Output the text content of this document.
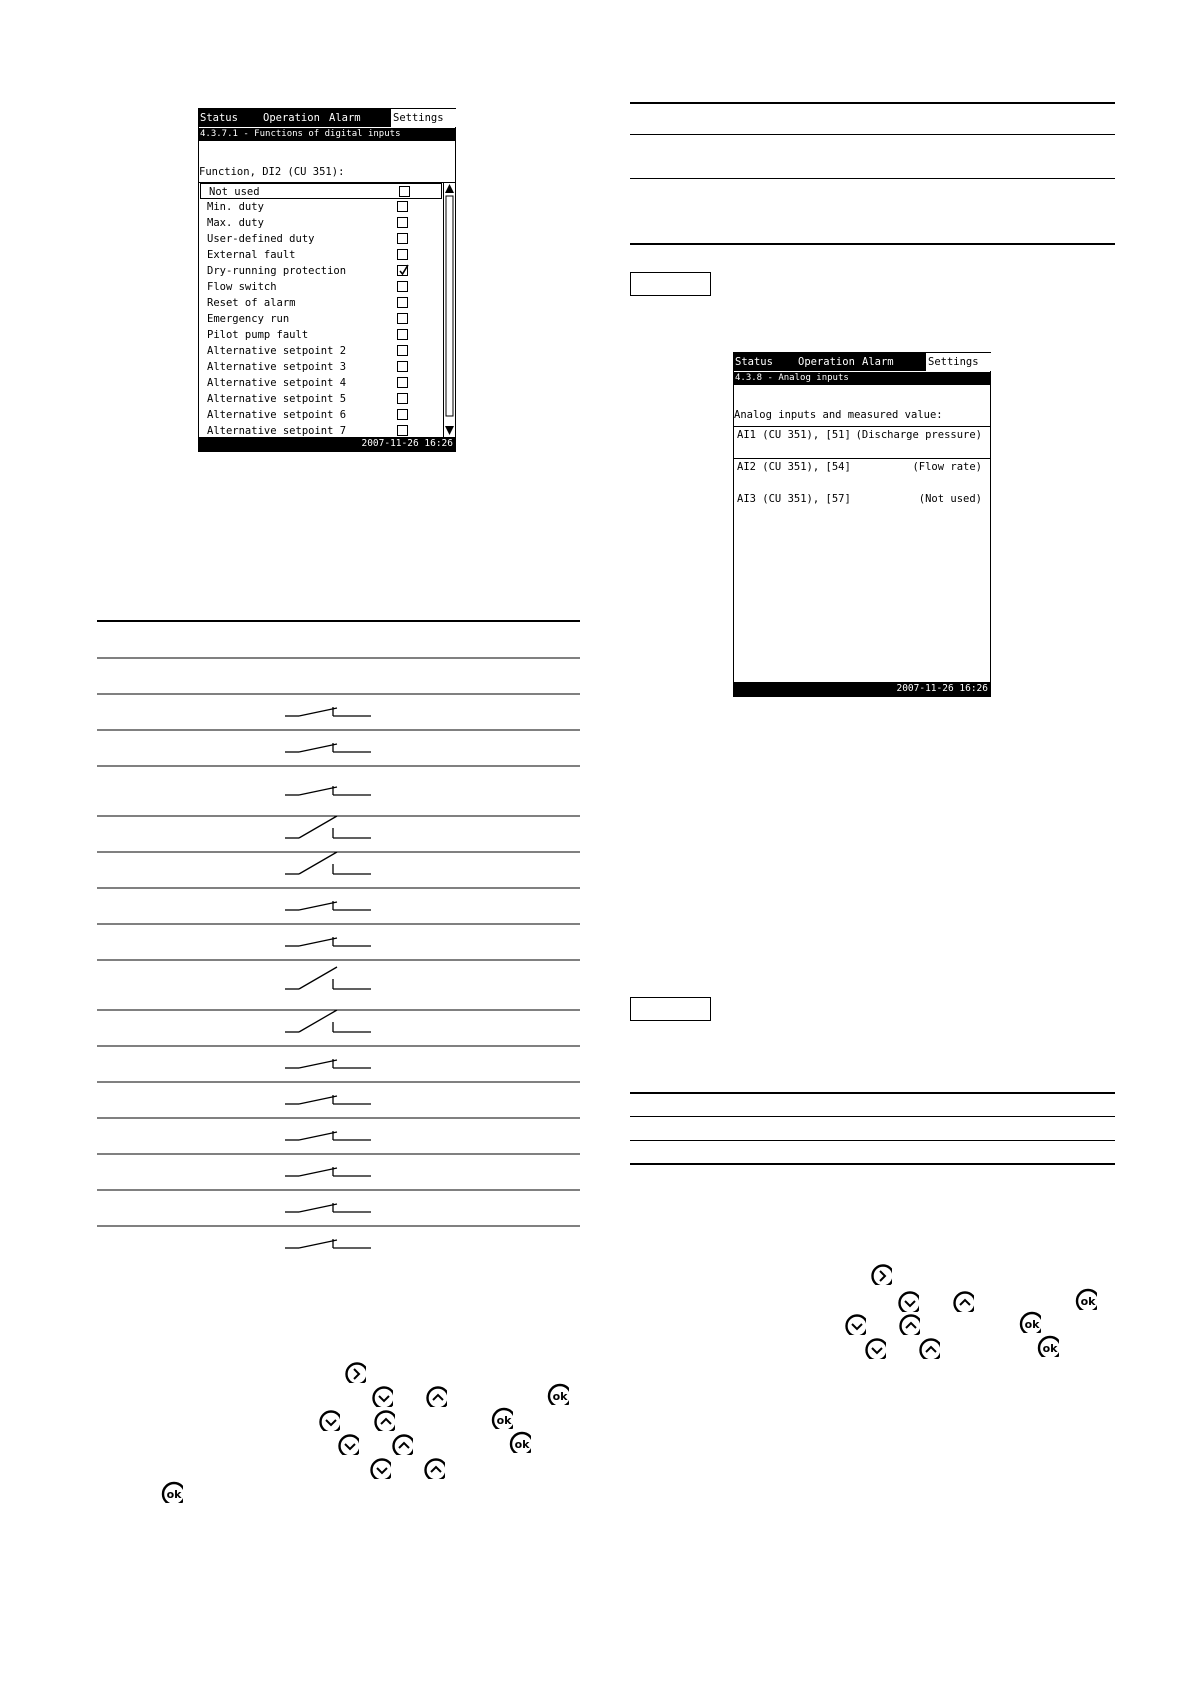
Status Operation Alarm	Settings
4.3.7.1 - Functions of digital inputs
Function, DI2 (CU 351):
Not used
Min. duty
Max. duty
User-defined duty
External fault
Dry-running protection
Flow switch
Reset of alarm
Emergency run
Pilot pump fault
Alternative setpoint 2
Alternative setpoint 3
Alternative setpoint 4
Alternative setpoint 5
Alternative setpoint 6
Alternative setpoint 7
2007-11-26 16:26
Status Operation Alarm	Settings
4.3.8 - Analog inputs
Analog inputs and measured value:
AI1 (CU 351), [51] (Discharge pressure)
AI2 (CU 351), [54]	(Flow rate)
AI3 (CU 351), [57]	(Not used)
2007-11-26 16:26
ok
ok
ok
ok
ok
ok
ok
